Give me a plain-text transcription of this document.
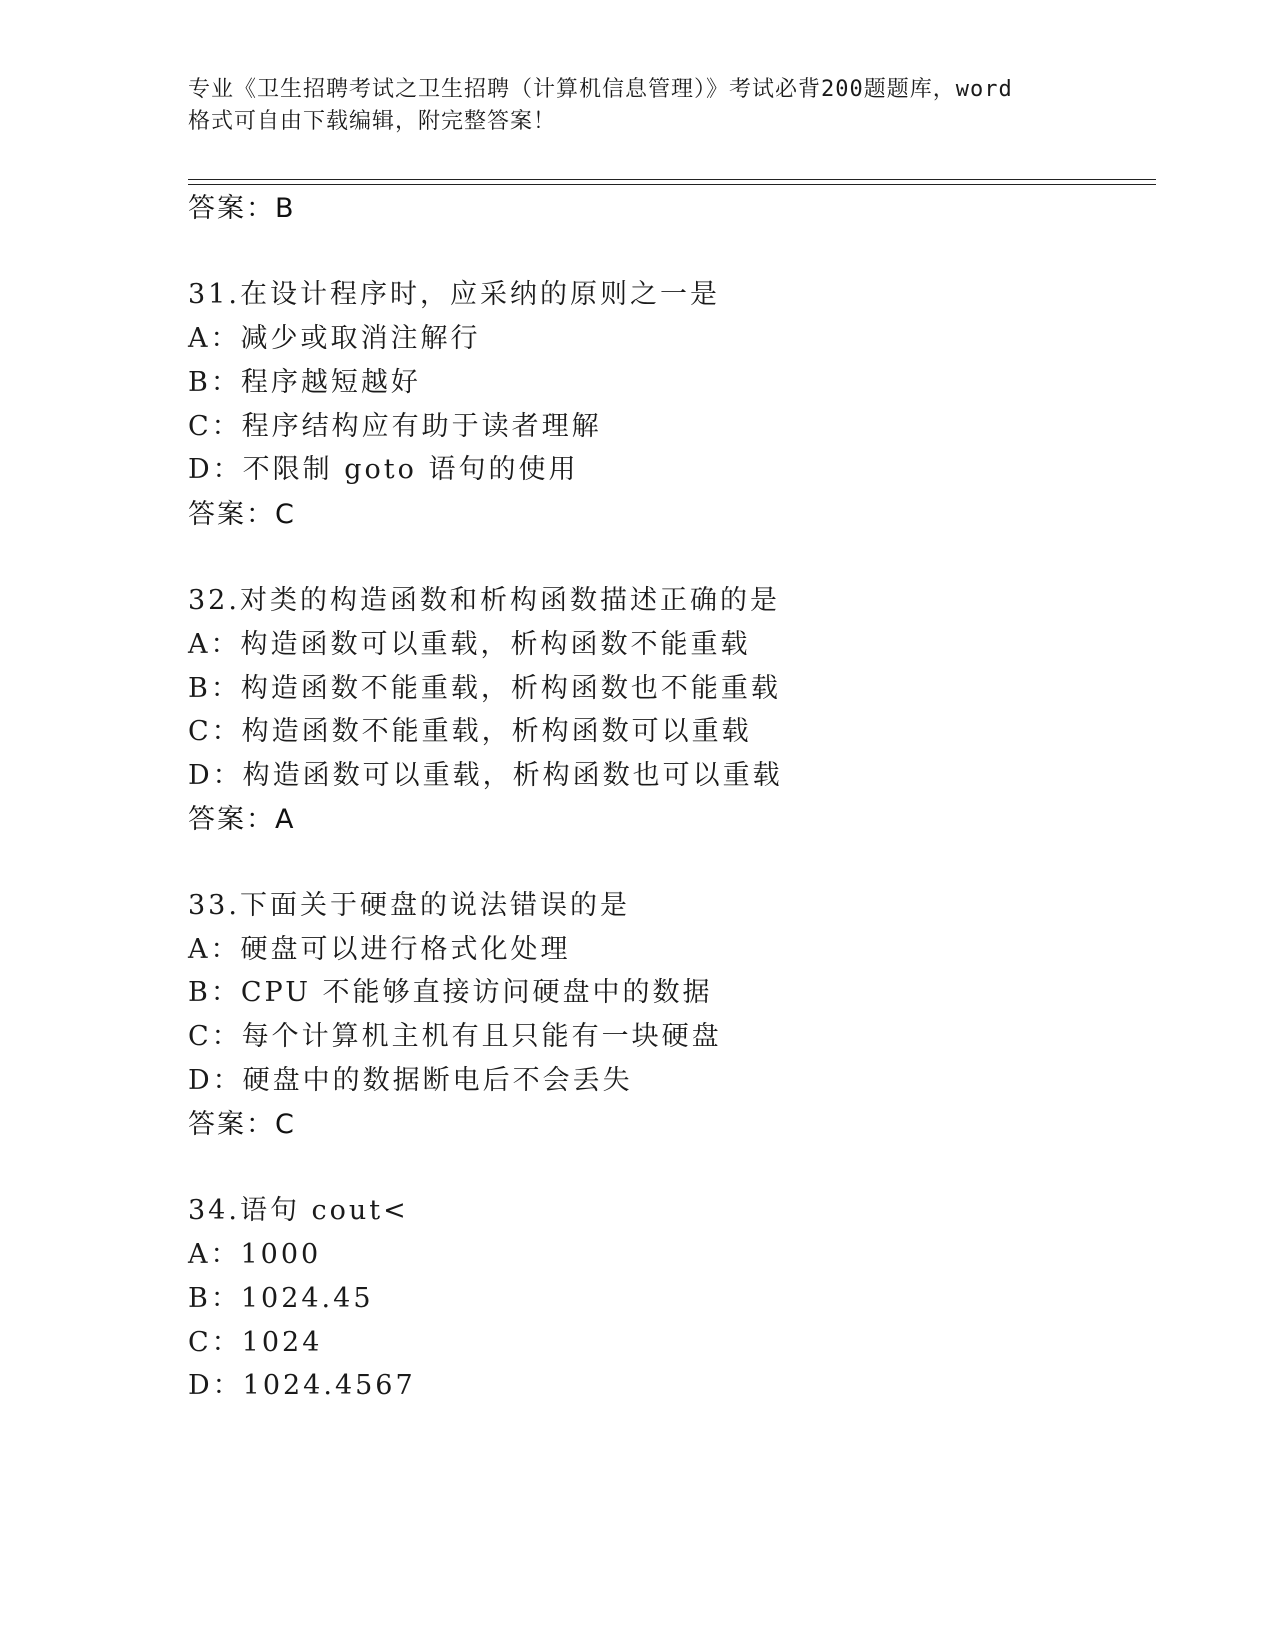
专业《卫生招聘考试之卫生招聘（计算机信息管理）》考试必背200题题库，word
格式可自由下载编辑，附完整答案！
答案：B
31.在设计程序时，应采纳的原则之一是
A：减少或取消注解行
B：程序越短越好
C：程序结构应有助于读者理解
D：不限制 goto 语句的使用
答案：C
32.对类的构造函数和析构函数描述正确的是
A：构造函数可以重载，析构函数不能重载
B：构造函数不能重载，析构函数也不能重载
C：构造函数不能重载，析构函数可以重载
D：构造函数可以重载，析构函数也可以重载
答案：A
33.下面关于硬盘的说法错误的是
A：硬盘可以进行格式化处理
B：CPU 不能够直接访问硬盘中的数据
C：每个计算机主机有且只能有一块硬盘
D：硬盘中的数据断电后不会丢失
答案：C
34.语句 cout<
A：1000
B：1024.45
C：1024
D：1024.4567
